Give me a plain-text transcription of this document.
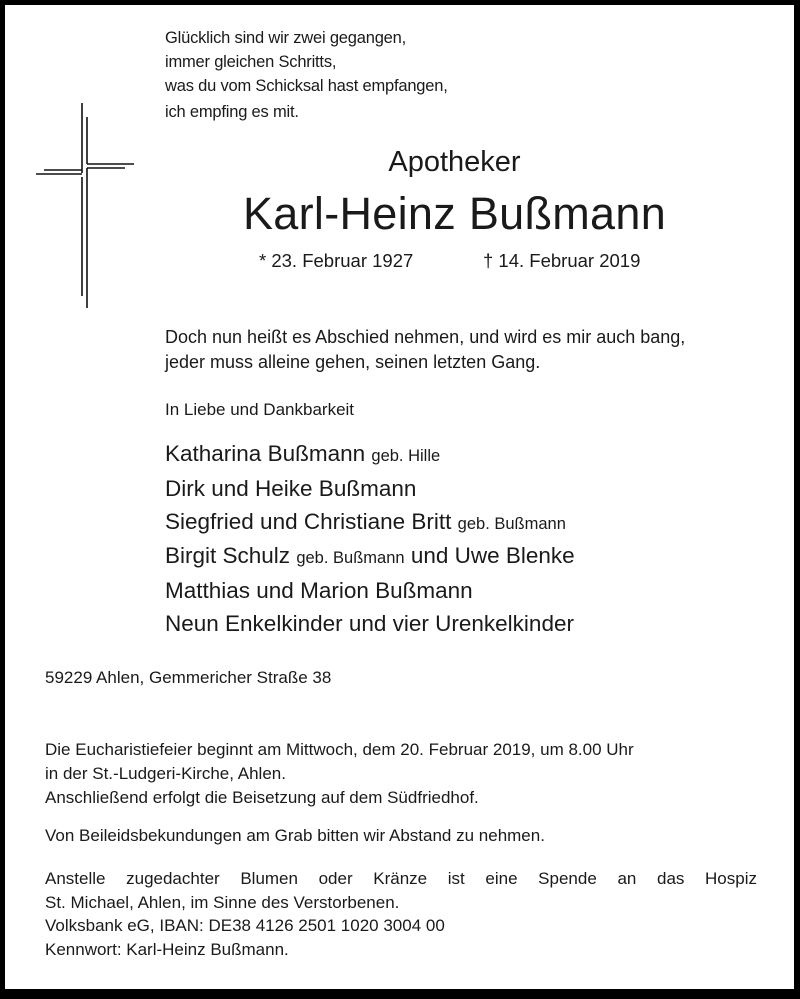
Glücklich sind wir zwei gegangen,
immer gleichen Schritts,
was du vom Schicksal hast empfangen,
ich empfing es mit.
Apotheker
Karl-Heinz Bußmann
* 23. Februar 1927	† 14. Februar 2019
Doch nun heißt es Abschied nehmen, und wird es mir auch bang,
jeder muss alleine gehen, seinen letzten Gang.
In Liebe und Dankbarkeit
Katharina Bußmann geb. Hille
Dirk und Heike Bußmann
Siegfried und Christiane Britt geb. Bußmann
Birgit Schulz geb. Bußmann und Uwe Blenke
Matthias und Marion Bußmann
Neun Enkelkinder und vier Urenkelkinder
59229 Ahlen, Gemmericher Straße 38
Die Eucharistiefeier beginnt am Mittwoch, dem 20. Februar 2019, um 8.00 Uhr
in der St.-Ludgeri-Kirche, Ahlen.
Anschließend erfolgt die Beisetzung auf dem Südfriedhof.
Von Beileidsbekundungen am Grab bitten wir Abstand zu nehmen.
Anstelle zugedachter Blumen oder Kränze ist eine Spende an das Hospiz
St. Michael, Ahlen, im Sinne des Verstorbenen.
Volksbank eG, IBAN: DE38 4126 2501 1020 3004 00
Kennwort: Karl-Heinz Bußmann.
